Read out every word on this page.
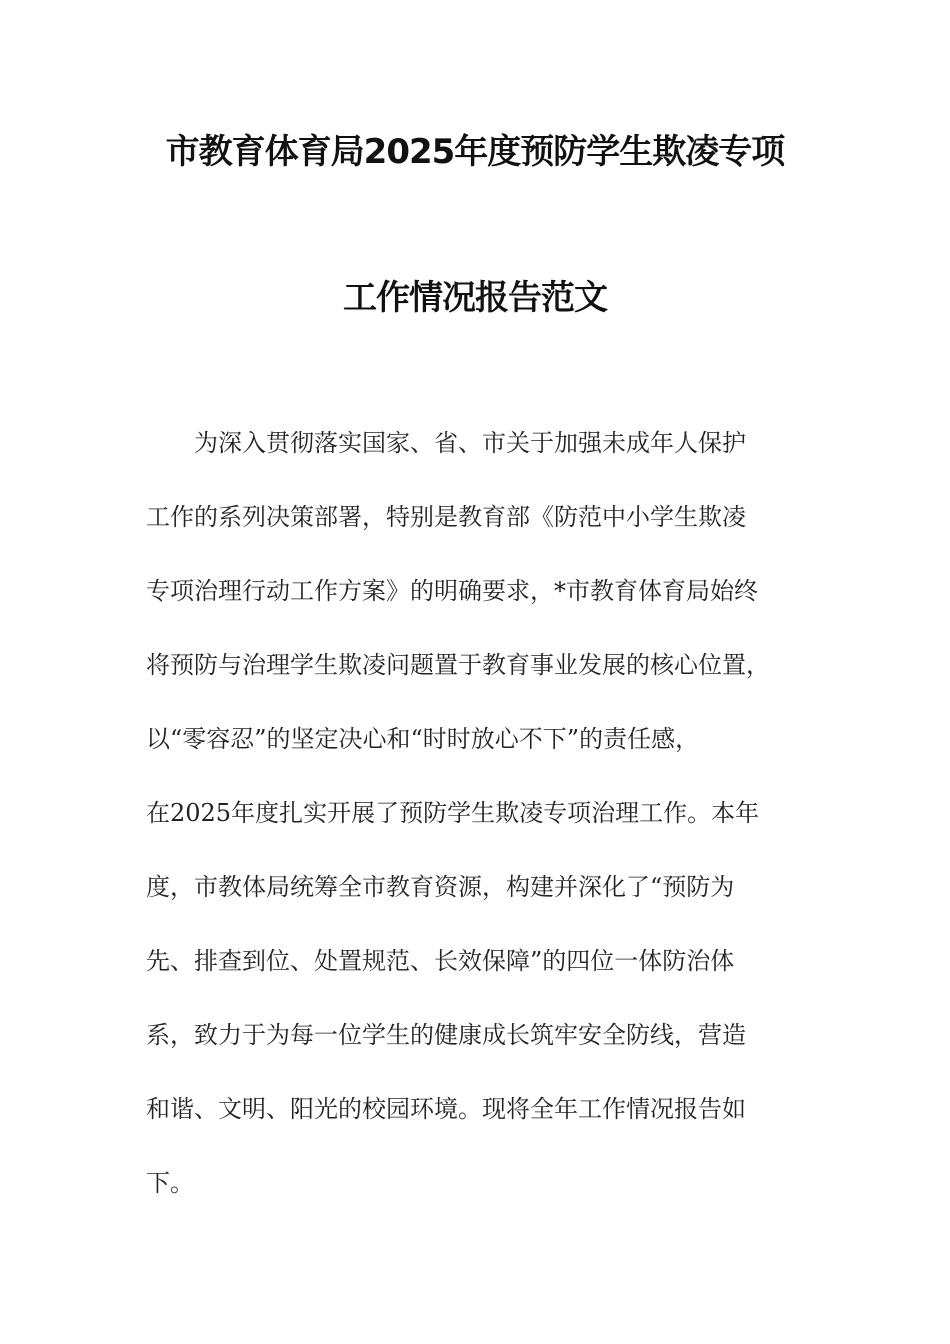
市教育体育局2025年度预防学生欺凌专项
工作情况报告范文
为深入贯彻落实国家、省、市关于加强未成年人保护
工作的系列决策部署，特别是教育部《防范中小学生欺凌
专项治理行动工作方案》的明确要求，*市教育体育局始终
将预防与治理学生欺凌问题置于教育事业发展的核心位置，
以“零容忍”的坚定决心和“时时放心不下”的责任感，
在2025年度扎实开展了预防学生欺凌专项治理工作。本年
度，市教体局统筹全市教育资源，构建并深化了“预防为
先、排查到位、处置规范、长效保障”的四位一体防治体
系，致力于为每一位学生的健康成长筑牢安全防线，营造
和谐、文明、阳光的校园环境。现将全年工作情况报告如
下。
